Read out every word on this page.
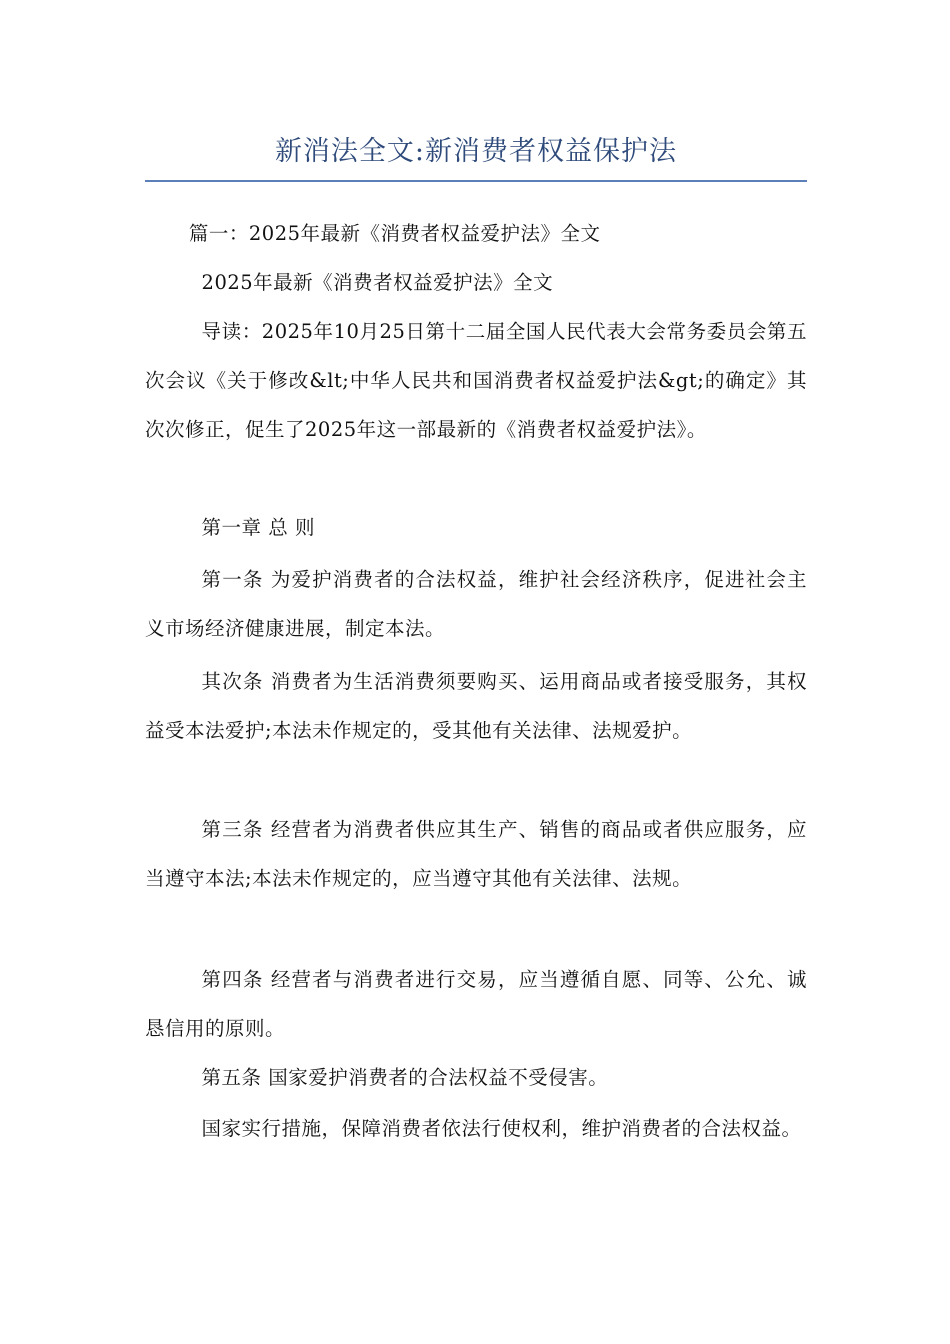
新消法全文:新消费者权益保护法

篇一：2025年最新《消费者权益爱护法》全文

2025年最新《消费者权益爱护法》全文

导读：2025年10月25日第十二届全国人民代表大会常务委员会第五次会议《关于修改&lt;中华人民共和国消费者权益爱护法&gt;的确定》其次次修正，促生了2025年这一部最新的《消费者权益爱护法》。

第一章 总 则

第一条 为爱护消费者的合法权益，维护社会经济秩序，促进社会主义市场经济健康进展，制定本法。

其次条 消费者为生活消费须要购买、运用商品或者接受服务，其权益受本法爱护;本法未作规定的，受其他有关法律、法规爱护。

第三条 经营者为消费者供应其生产、销售的商品或者供应服务，应当遵守本法;本法未作规定的，应当遵守其他有关法律、法规。

第四条 经营者与消费者进行交易，应当遵循自愿、同等、公允、诚恳信用的原则。

第五条 国家爱护消费者的合法权益不受侵害。

国家实行措施，保障消费者依法行使权利，维护消费者的合法权益。
